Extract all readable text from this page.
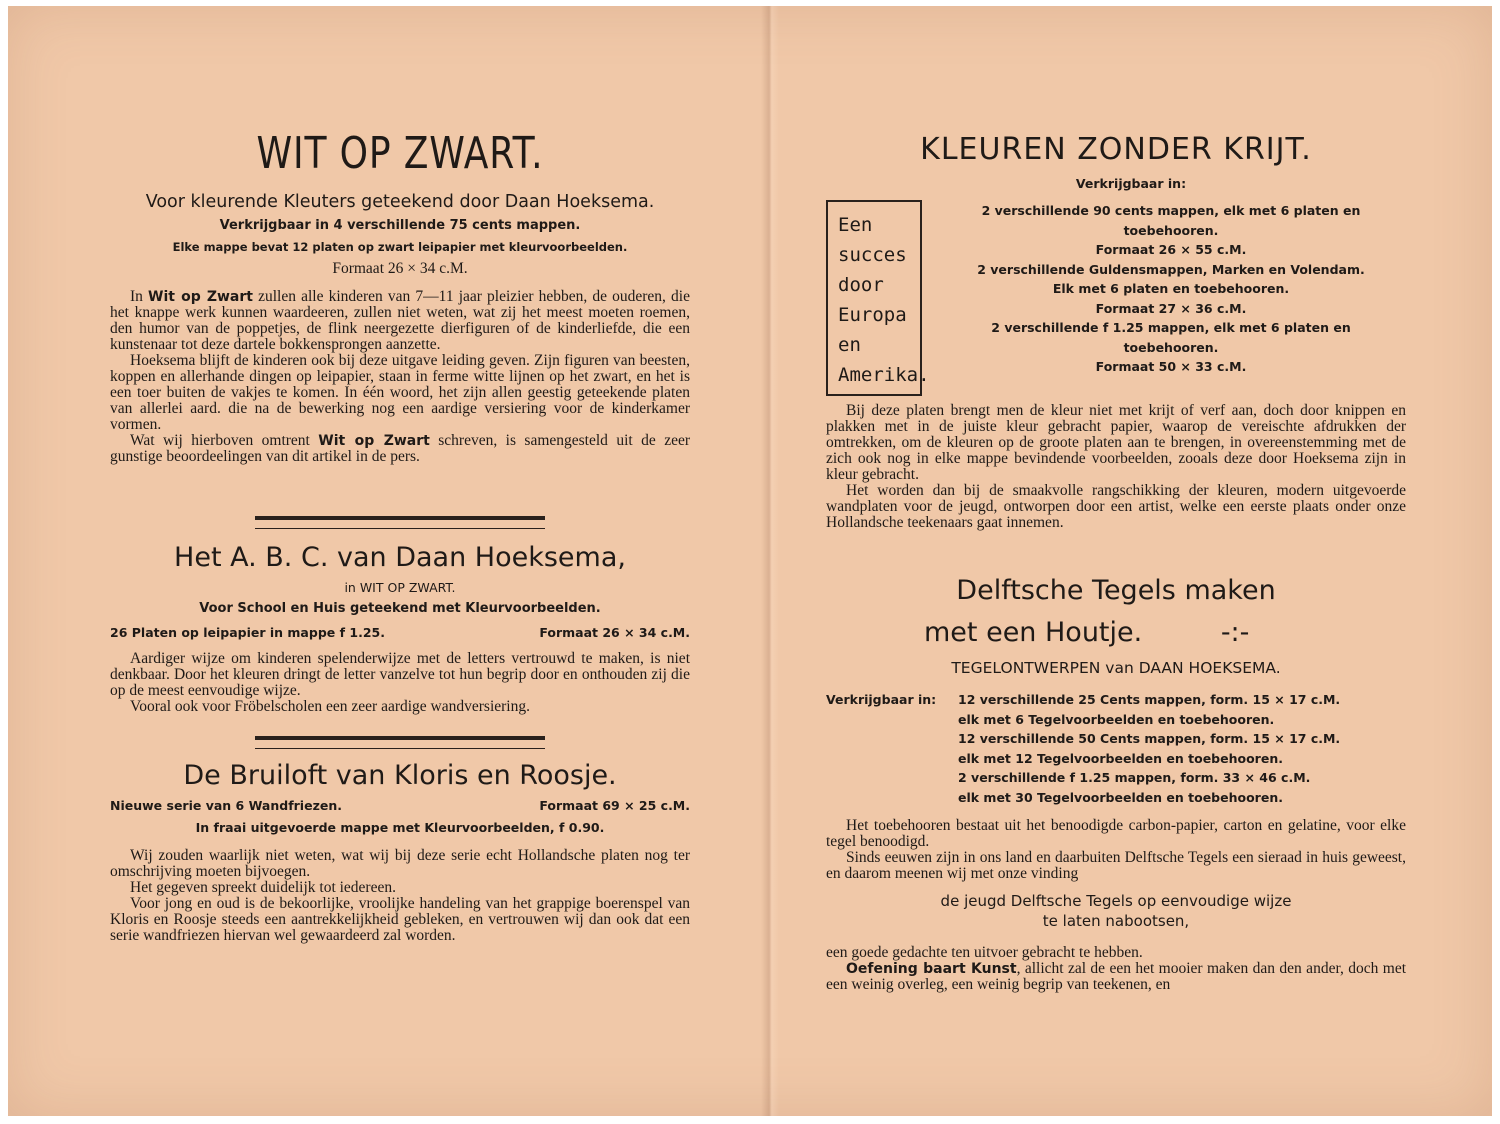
WIT OP ZWART.
Voor kleurende Kleuters geteekend door Daan Hoeksema.
Verkrijgbaar in 4 verschillende 75 cents mappen.
Elke mappe bevat 12 platen op zwart leipapier met kleurvoorbeelden.
Formaat 26 × 34 c.M.

In Wit op Zwart zullen alle kinderen van 7—11 jaar pleizier hebben, de ouderen, die het knappe werk kunnen waardeeren, zullen niet weten, wat zij het meest moeten roemen, den humor van de poppetjes, de flink neergezette dierfiguren of de kinderliefde, die een kunstenaar tot deze dartele bokkensprongen aanzette.

Hoeksema blijft de kinderen ook bij deze uitgave leiding geven. Zijn figuren van beesten, koppen en allerhande dingen op leipapier, staan in ferme witte lijnen op het zwart, en het is een toer buiten de vakjes te komen. In één woord, het zijn allen geestig geteekende platen van allerlei aard. die na de bewerking nog een aardige versiering voor de kinderkamer vormen.

Wat wij hierboven omtrent Wit op Zwart schreven, is samengesteld uit de zeer gunstige beoordeelingen van dit artikel in de pers.

Het A. B. C. van Daan Hoeksema,
in WIT OP ZWART.
Voor School en Huis geteekend met Kleurvoorbeelden.
26 Platen op leipapier in mappe f 1.25.	Formaat 26 × 34 c.M.

Aardiger wijze om kinderen spelenderwijze met de letters vertrouwd te maken, is niet denkbaar. Door het kleuren dringt de letter vanzelve tot hun begrip door en onthouden zij die op de meest eenvoudige wijze.

Vooral ook voor Fröbelscholen een zeer aardige wandversiering.

De Bruiloft van Kloris en Roosje.
Nieuwe serie van 6 Wandfriezen.	Formaat 69 × 25 c.M.
In fraai uitgevoerde mappe met Kleurvoorbeelden, f 0.90.

Wij zouden waarlijk niet weten, wat wij bij deze serie echt Hollandsche platen nog ter omschrijving moeten bijvoegen.

Het gegeven spreekt duidelijk tot iedereen.

Voor jong en oud is de bekoorlijke, vroolijke handeling van het grappige boerenspel van Kloris en Roosje steeds een aantrekkelijkheid gebleken, en vertrouwen wij dan ook dat een serie wandfriezen hiervan wel gewaardeerd zal worden.

KLEUREN ZONDER KRIJT.
Verkrijgbaar in:
Een
succes
door
Europa
en
Amerika.
2 verschillende 90 cents mappen, elk met 6 platen en
toebehooren.
Formaat 26 × 55 c.M.
2 verschillende Guldensmappen, Marken en Volendam.
Elk met 6 platen en toebehooren.
Formaat 27 × 36 c.M.
2 verschillende f 1.25 mappen, elk met 6 platen en
toebehooren.
Formaat 50 × 33 c.M.

Bij deze platen brengt men de kleur niet met krijt of verf aan, doch door knippen en plakken met in de juiste kleur gebracht papier, waarop de vereischte afdrukken der omtrekken, om de kleuren op de groote platen aan te brengen, in overeenstemming met de zich ook nog in elke mappe bevindende voorbeelden, zooals deze door Hoeksema zijn in kleur gebracht.

Het worden dan bij de smaakvolle rangschikking der kleuren, modern uitgevoerde wandplaten voor de jeugd, ontworpen door een artist, welke een eerste plaats onder onze Hollandsche teekenaars gaat innemen.

Delftsche Tegels maken
met een Houtje.	-:-
TEGELONTWERPEN van DAAN HOEKSEMA.
Verkrijgbaar in:	12 verschillende 25 Cents mappen, form. 15 × 17 c.M.
elk met 6 Tegelvoorbeelden en toebehooren.
12 verschillende 50 Cents mappen, form. 15 × 17 c.M.
elk met 12 Tegelvoorbeelden en toebehooren.
2 verschillende f 1.25 mappen, form. 33 × 46 c.M.
elk met 30 Tegelvoorbeelden en toebehooren.

Het toebehooren bestaat uit het benoodigde carbon-papier, carton en gelatine, voor elke tegel benoodigd.

Sinds eeuwen zijn in ons land en daarbuiten Delftsche Tegels een sieraad in huis geweest, en daarom meenen wij met onze vinding

de jeugd Delftsche Tegels op eenvoudige wijze
te laten nabootsen,

een goede gedachte ten uitvoer gebracht te hebben.

Oefening baart Kunst, allicht zal de een het mooier maken dan den ander, doch met een weinig overleg, een weinig begrip van teekenen, en
